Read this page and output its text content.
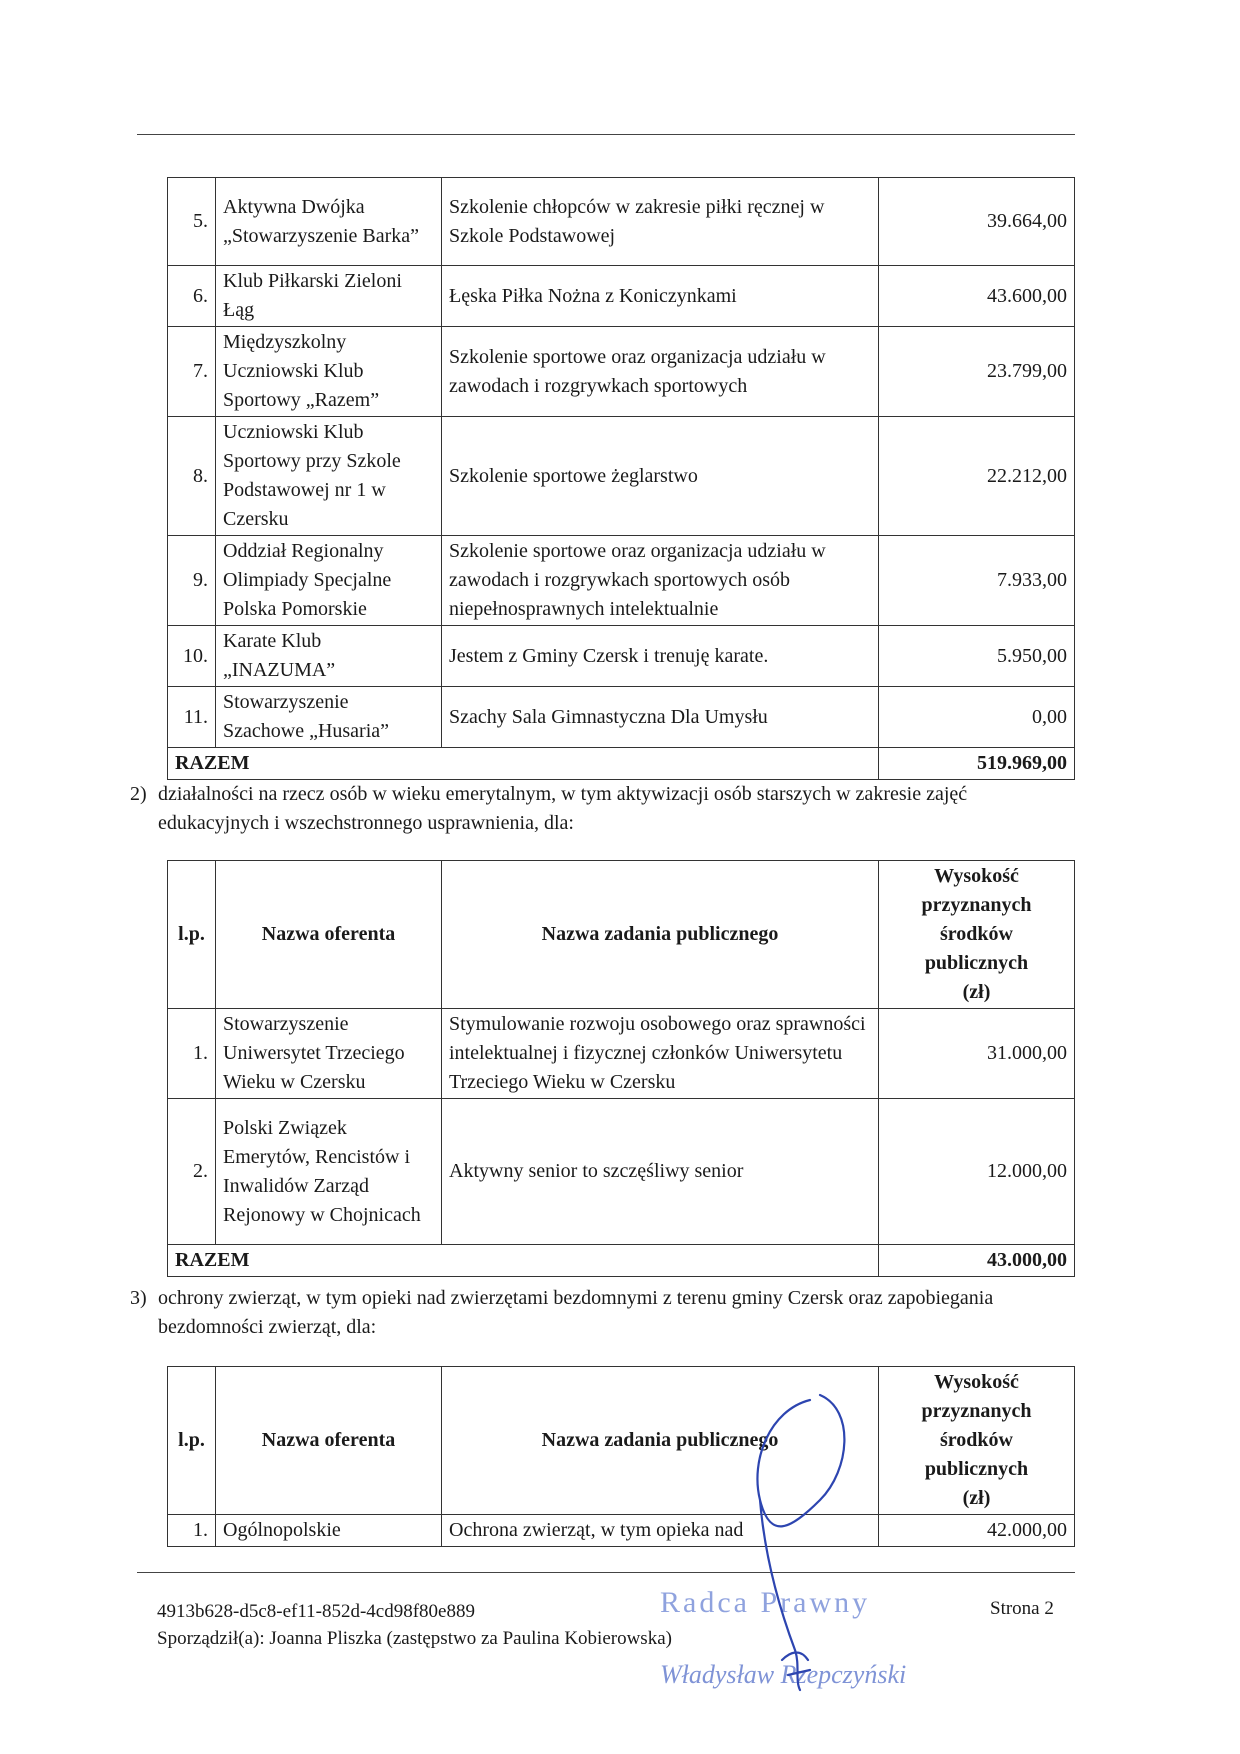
5.	Aktywna Dwójka „Stowarzyszenie Barka”	Szkolenie chłopców w zakresie piłki ręcznej w Szkole Podstawowej	39.664,00
6.	Klub Piłkarski Zieloni Łąg	Łęska Piłka Nożna z Koniczynkami	43.600,00
7.	Międzyszkolny Uczniowski Klub Sportowy „Razem”	Szkolenie sportowe oraz organizacja udziału w zawodach i rozgrywkach sportowych	23.799,00
8.	Uczniowski Klub Sportowy przy Szkole Podstawowej nr 1 w Czersku	Szkolenie sportowe żeglarstwo	22.212,00
9.	Oddział Regionalny Olimpiady Specjalne Polska Pomorskie	Szkolenie sportowe oraz organizacja udziału w zawodach i rozgrywkach sportowych osób niepełnosprawnych intelektualnie	7.933,00
10.	Karate Klub „INAZUMA”	Jestem z Gminy Czersk i trenuję karate.	5.950,00
11.	Stowarzyszenie Szachowe „Husaria”	Szachy Sala Gimnastyczna Dla Umysłu	0,00
RAZEM			519.969,00
2) działalności na rzecz osób w wieku emerytalnym, w tym aktywizacji osób starszych w zakresie zajęć
edukacyjnych i wszechstronnego usprawnienia, dla:
l.p.	Nazwa oferenta	Nazwa zadania publicznego	Wysokość
przyznanych
środków
publicznych
(zł)

1.	Stowarzyszenie Uniwersytet Trzeciego Wieku w Czersku	Stymulowanie rozwoju osobowego oraz sprawności intelektualnej i fizycznej członków Uniwersytetu Trzeciego Wieku w Czersku	31.000,00
2.	Polski Związek Emerytów, Rencistów i Inwalidów Zarząd Rejonowy w Chojnicach	Aktywny senior to szczęśliwy senior	12.000,00
RAZEM			43.000,00
3) ochrony zwierząt, w tym opieki nad zwierzętami bezdomnymi z terenu gminy Czersk oraz zapobiegania
bezdomności zwierząt, dla:
l.p.	Nazwa oferenta	Nazwa zadania publicznego	Wysokość
przyznanych
środków
publicznych
(zł)

1.	Ogólnopolskie	Ochrona zwierząt, w tym opieka nad	42.000,00
4913b628-d5c8-ef11-852d-4cd98f80e889
Sporządził(a): Joanna Pliszka (zastępstwo za Paulina Kobierowska)
Strona 2
Radca Prawny
Władysław Rzepczyński
